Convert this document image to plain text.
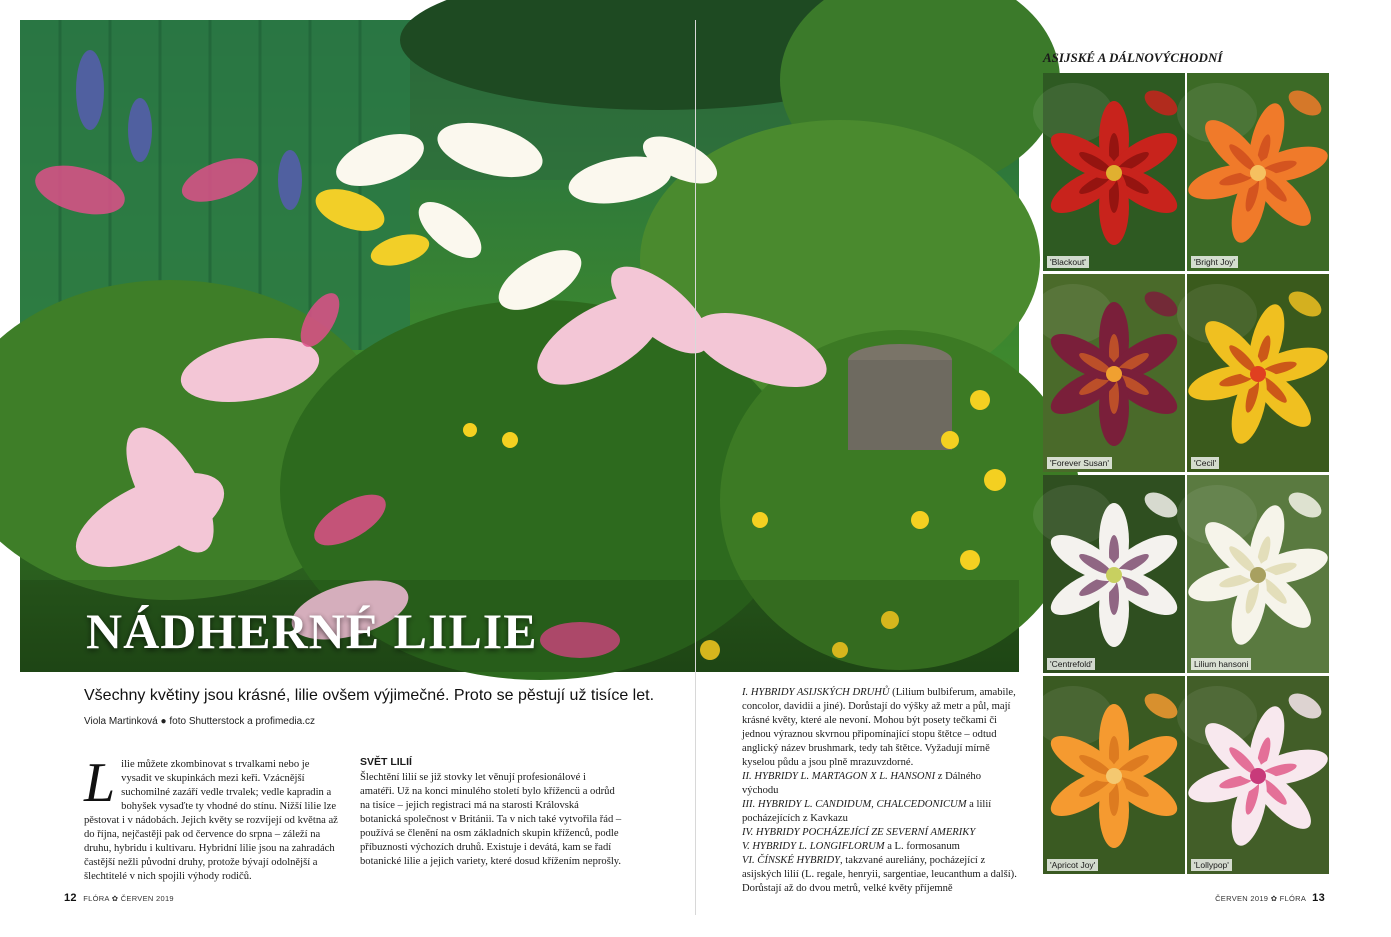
NÁDHERNÉ LILIE
Všechny květiny jsou krásné, lilie ovšem výjimečné. Proto se pěstují už tisíce let.
Viola Martinková ● foto Shutterstock a profimedia.cz
L ilie můžete zkombinovat s trvalkami nebo je vysadit ve skupinkách mezi keři. Vzácnější suchomilné zazáří vedle trvalek; vedle kapradin a bohyšek vysaďte ty vhodné do stínu. Nižší lilie lze pěstovat i v nádobách. Jejich květy se rozvíjejí od května až do října, nejčastěji pak od července do srpna – záleží na druhu, hybridu i kultivaru. Hybridní lilie jsou na zahradách častější nežli původní druhy, protože bývají odolnější a šlechtitelé v nich spojili výhody rodičů.

SVĚT LILIÍ

Šlechtění lilií se již stovky let věnují profesionálové i amatéři. Už na konci minulého století bylo křížencü a odrůd na tisíce – jejich registraci má na starosti Královská botanická společnost v Británii. Ta v nich také vytvořila řád – používá se členění na osm základních skupin kříženců, podle příbuznosti výchozích druhů. Existuje i devátá, kam se řadí botanické lilie a jejich variety, které dosud křížením neprošly.

I. HYBRIDY ASIJSKÝCH DRUHŮ (Lilium bulbiferum, amabile, concolor, davidii a jiné). Dorůstají do výšky až metr a půl, mají krásné květy, které ale nevoní. Mohou být posety tečkami či jednou výraznou skvrnou připomínající stopu štětce – odtud anglický název brushmark, tedy tah štětce. Vyžadují mírně kyselou půdu a jsou plně mrazuvzdorné.

II. HYBRIDY L. MARTAGON X L. HANSONI z Dálného východu

III. HYBRIDY L. CANDIDUM, CHALCEDONICUM a lilií pocházejících z Kavkazu

IV. HYBRIDY POCHÁZEJÍCÍ ZE SEVERNÍ AMERIKY

V. HYBRIDY L. LONGIFLORUM a L. formosanum

VI. ČÍNSKÉ HYBRIDY, takzvané aureliány, pocházející z asijských lilií (L. regale, henryii, sargentiae, leucanthum a další). Dorůstají až do dvou metrů, velké květy příjemně

12 FLÓRA ✿ ČERVEN 2019	ČERVEN 2019 ✿ FLÓRA 13
ASIJSKÉ A DÁLNOVÝCHODNÍ
'Blackout'	'Bright Joy'
'Forever Susan'	'Cecil'
'Centrefold'	Lilium hansoni
'Apricot Joy'	'Lollypop'
